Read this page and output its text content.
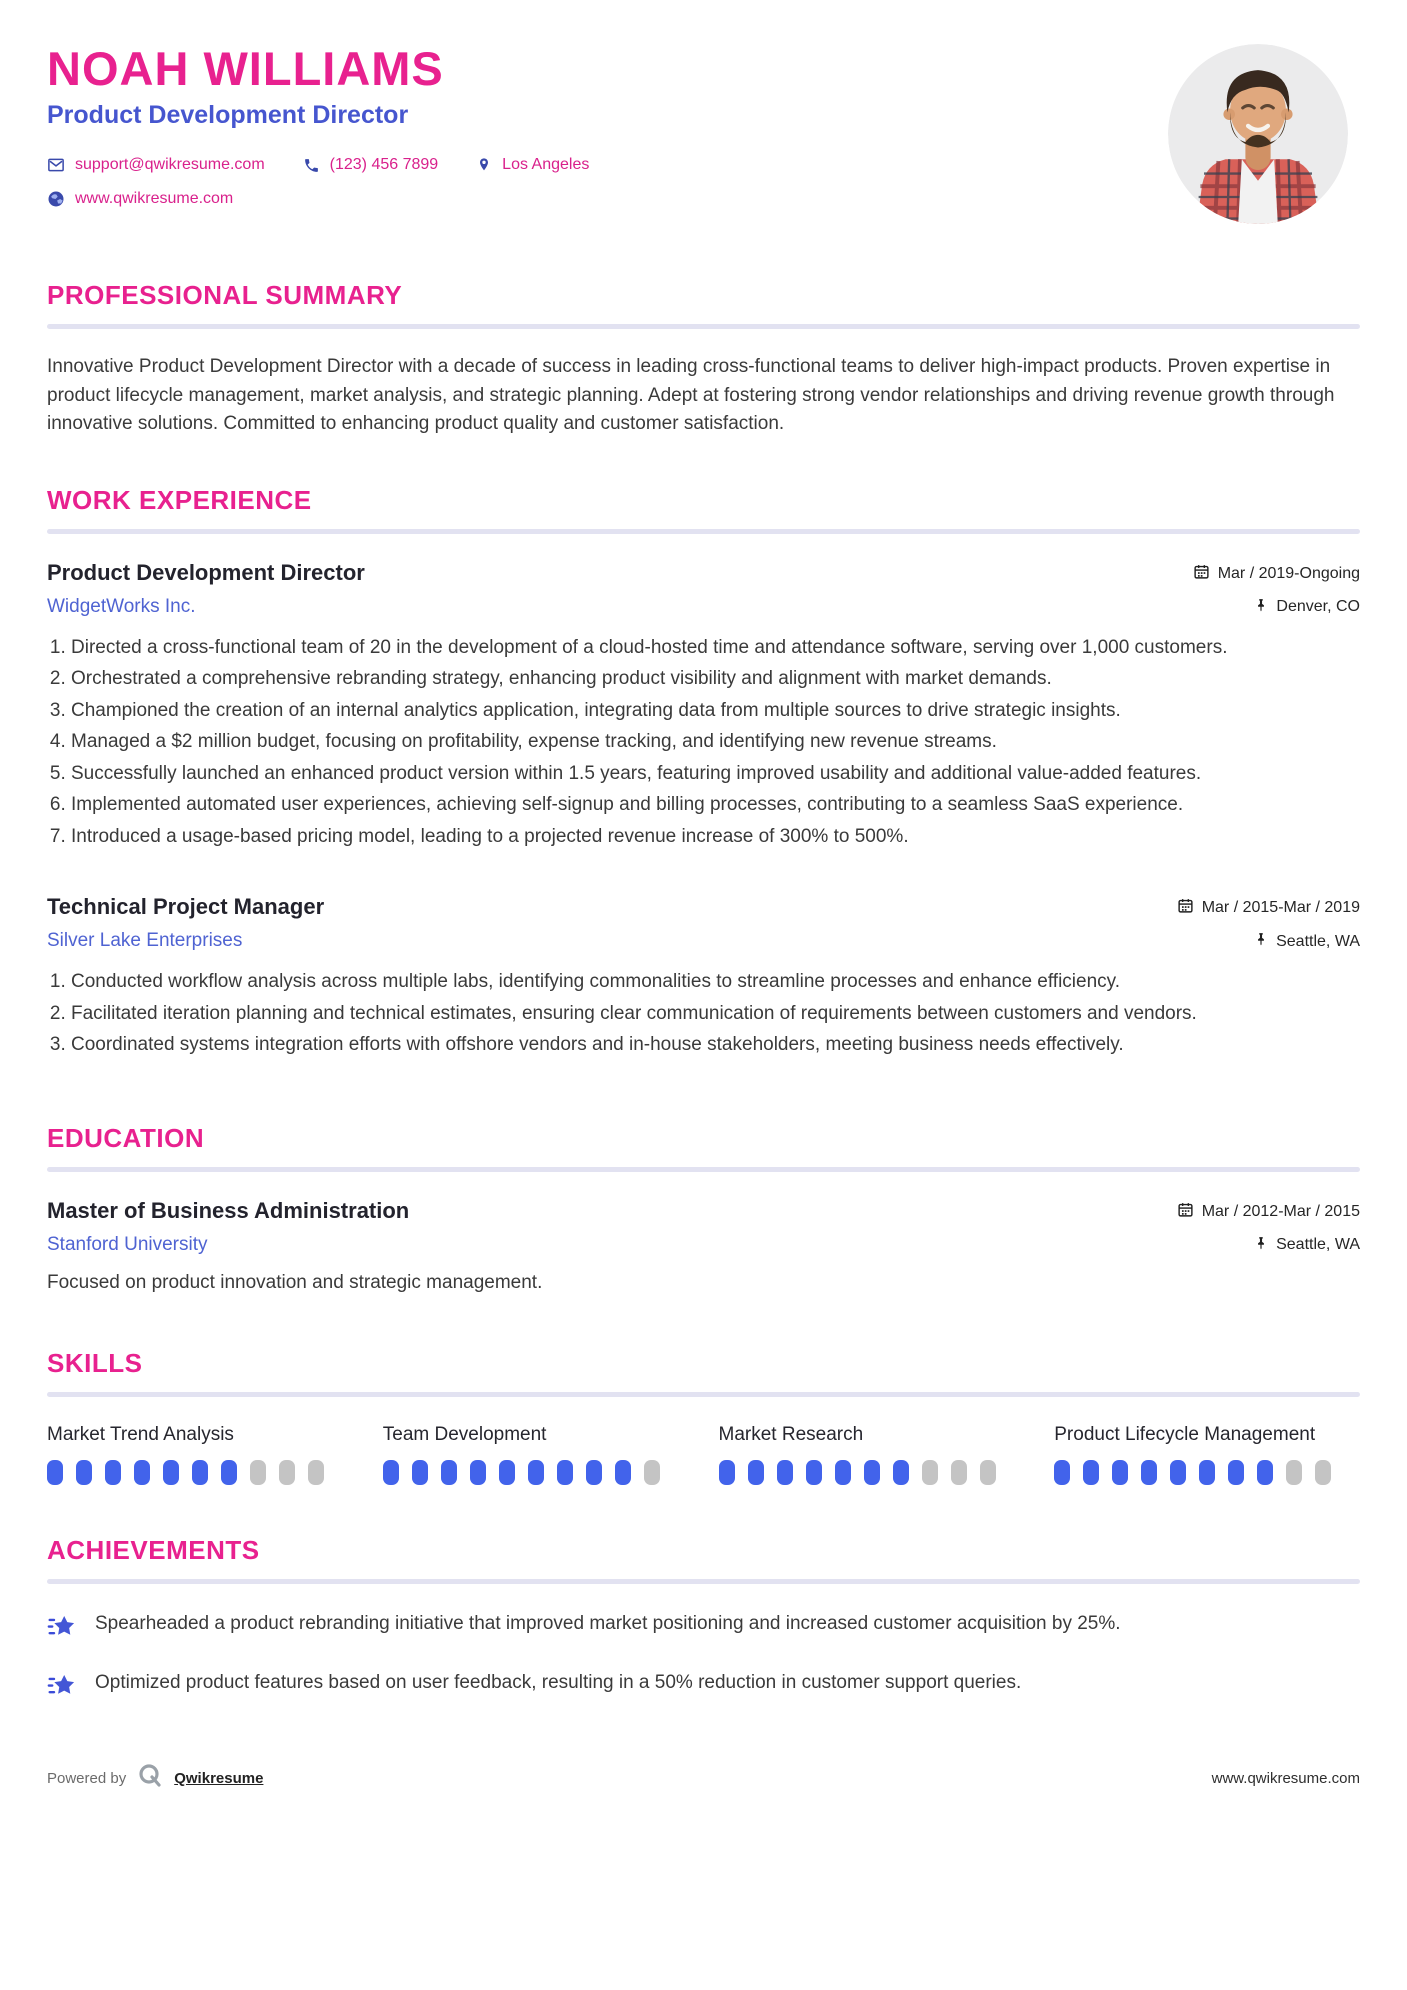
NOAH WILLIAMS
Product Development Director
support@qwikresume.com	(123) 456 7899	Los Angeles
www.qwikresume.com
PROFESSIONAL SUMMARY

Innovative Product Development Director with a decade of success in leading cross-functional teams to deliver high-impact products. Proven expertise in product lifecycle management, market analysis, and strategic planning. Adept at fostering strong vendor relationships and driving revenue growth through innovative solutions. Committed to enhancing product quality and customer satisfaction.

WORK EXPERIENCE
Product Development Director	Mar / 2019-Ongoing
WidgetWorks Inc.	Denver, CO
1. Directed a cross-functional team of 20 in the development of a cloud-hosted time and attendance software, serving over 1,000 customers.
2. Orchestrated a comprehensive rebranding strategy, enhancing product visibility and alignment with market demands.
3. Championed the creation of an internal analytics application, integrating data from multiple sources to drive strategic insights.
4. Managed a $2 million budget, focusing on profitability, expense tracking, and identifying new revenue streams.
5. Successfully launched an enhanced product version within 1.5 years, featuring improved usability and additional value-added features.
6. Implemented automated user experiences, achieving self-signup and billing processes, contributing to a seamless SaaS experience.
7. Introduced a usage-based pricing model, leading to a projected revenue increase of 300% to 500%.
Technical Project Manager	Mar / 2015-Mar / 2019
Silver Lake Enterprises	Seattle, WA
1. Conducted workflow analysis across multiple labs, identifying commonalities to streamline processes and enhance efficiency.
2. Facilitated iteration planning and technical estimates, ensuring clear communication of requirements between customers and vendors.
3. Coordinated systems integration efforts with offshore vendors and in-house stakeholders, meeting business needs effectively.
EDUCATION
Master of Business Administration	Mar / 2012-Mar / 2015
Stanford University	Seattle, WA

Focused on product innovation and strategic management.

SKILLS
Market Trend Analysis	Team Development	Market Research	Product Lifecycle Management
ACHIEVEMENTS

Spearheaded a product rebranding initiative that improved market positioning and increased customer acquisition by 25%.

Optimized product features based on user feedback, resulting in a 50% reduction in customer support queries.

Powered by	Qwikresume	www.qwikresume.com
